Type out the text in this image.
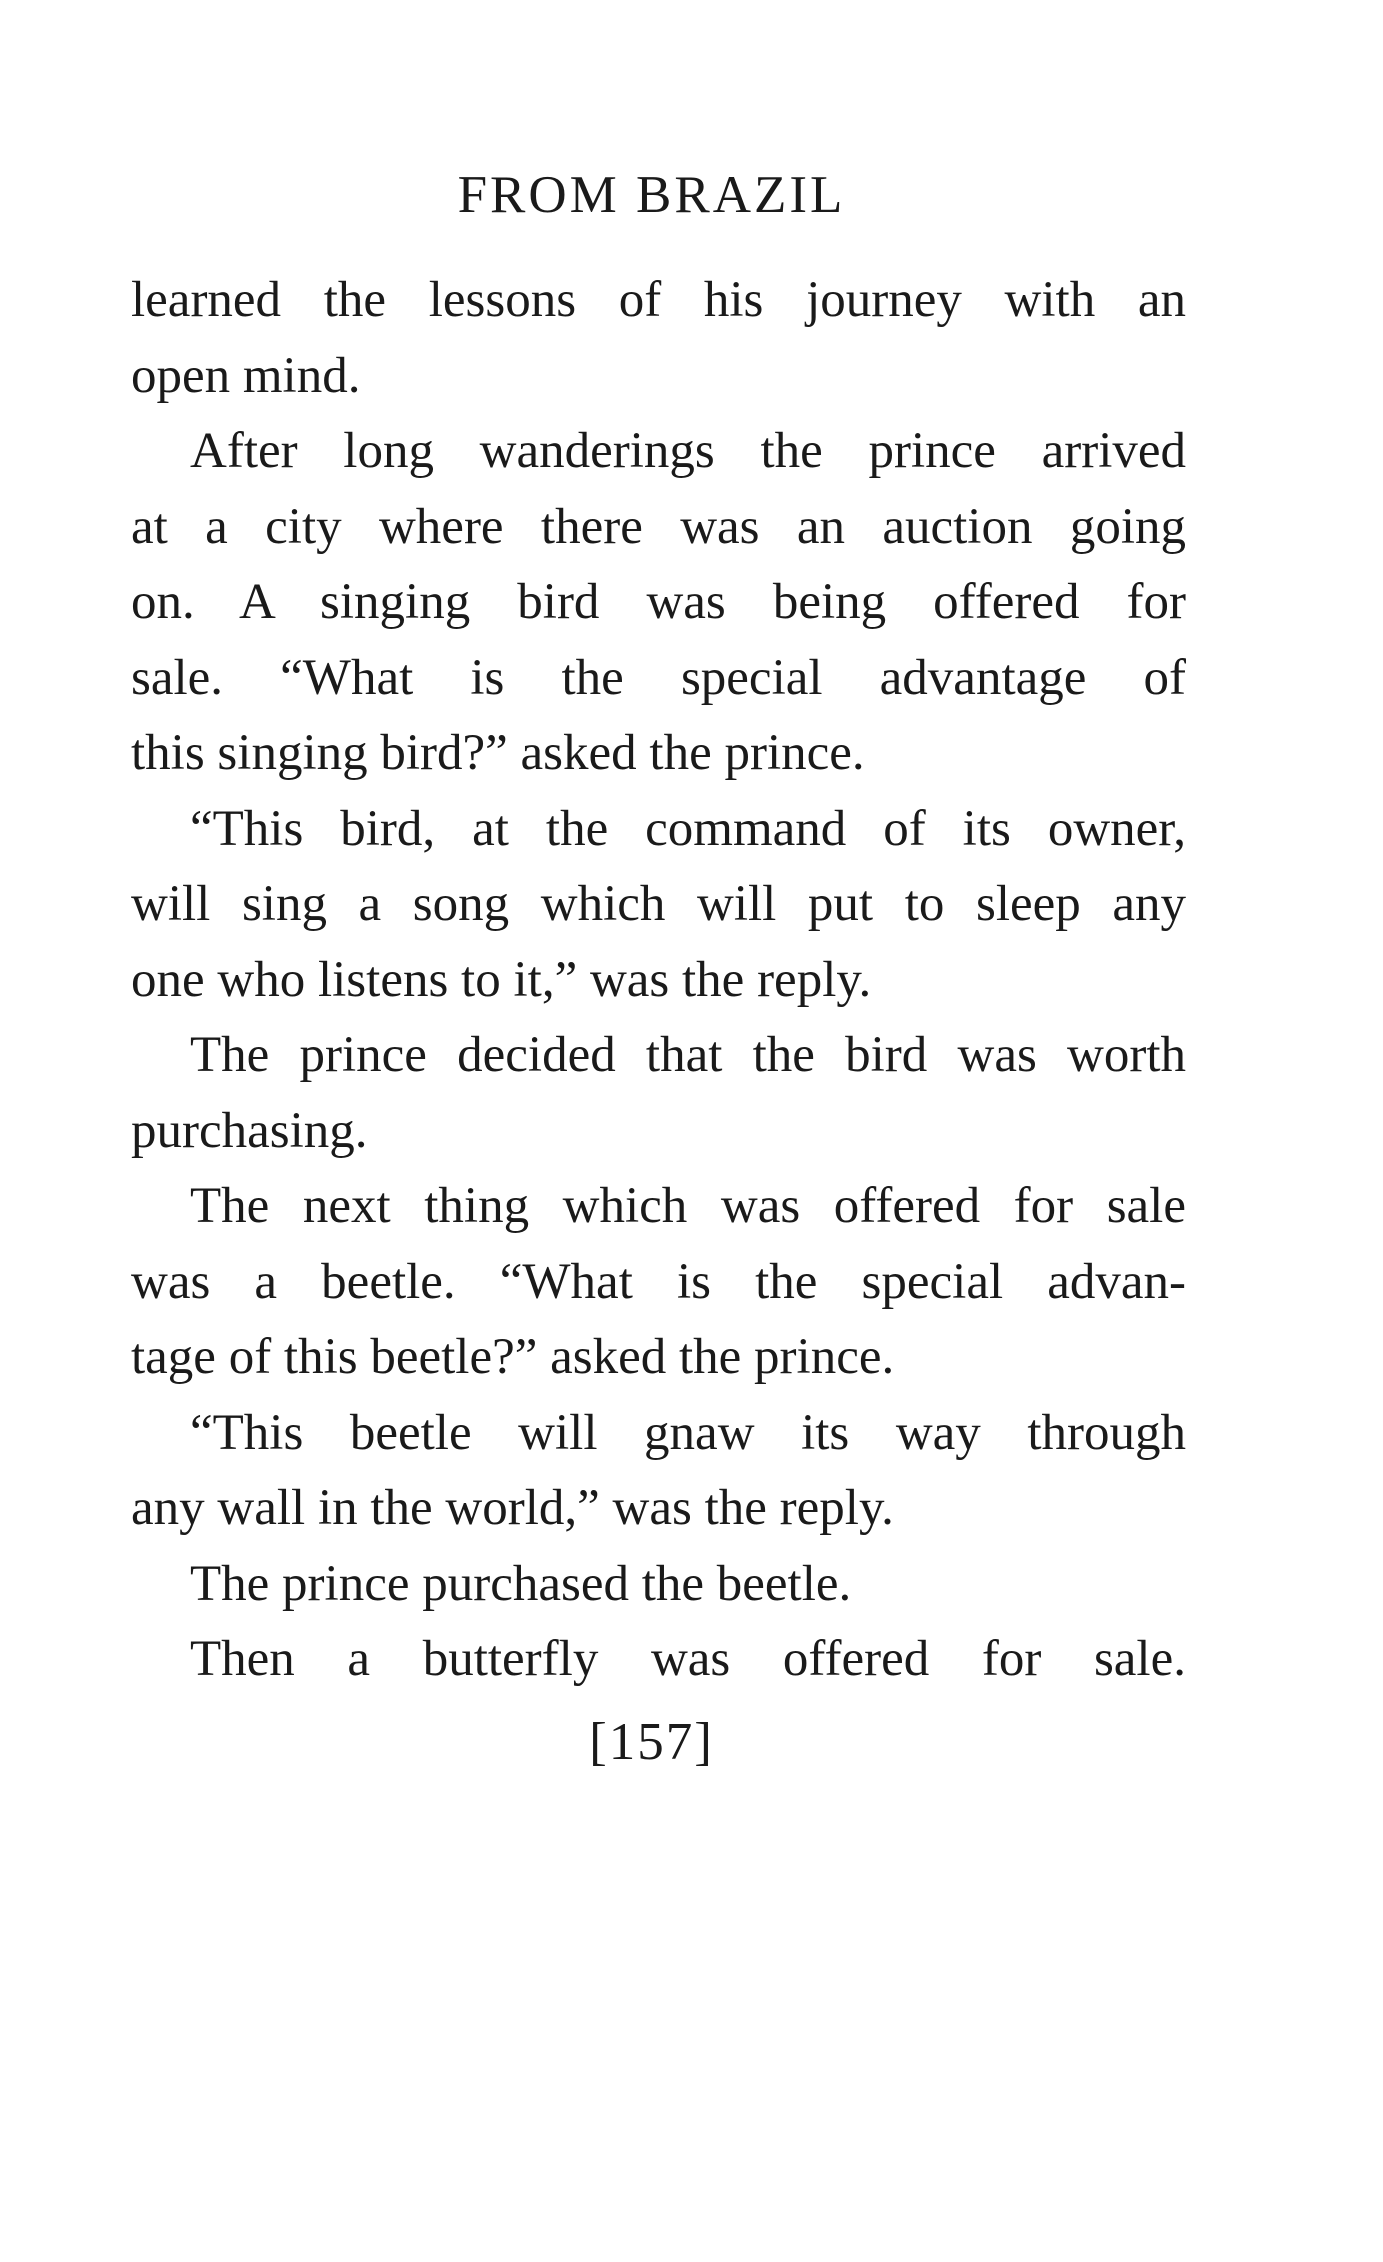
FROM BRAZIL
learned the lessons of his journey with an
open mind.
After long wanderings the prince arrived
at a city where there was an auction going
on. A singing bird was being offered for
sale. “What is the special advantage of
this singing bird?” asked the prince.
“This bird, at the command of its owner,
will sing a song which will put to sleep any
one who listens to it,” was the reply.
The prince decided that the bird was worth
purchasing.
The next thing which was offered for sale
was a beetle. “What is the special advan-
tage of this beetle?” asked the prince.
“This beetle will gnaw its way through
any wall in the world,” was the reply.
The prince purchased the beetle.
Then a butterfly was offered for sale.
[157]
